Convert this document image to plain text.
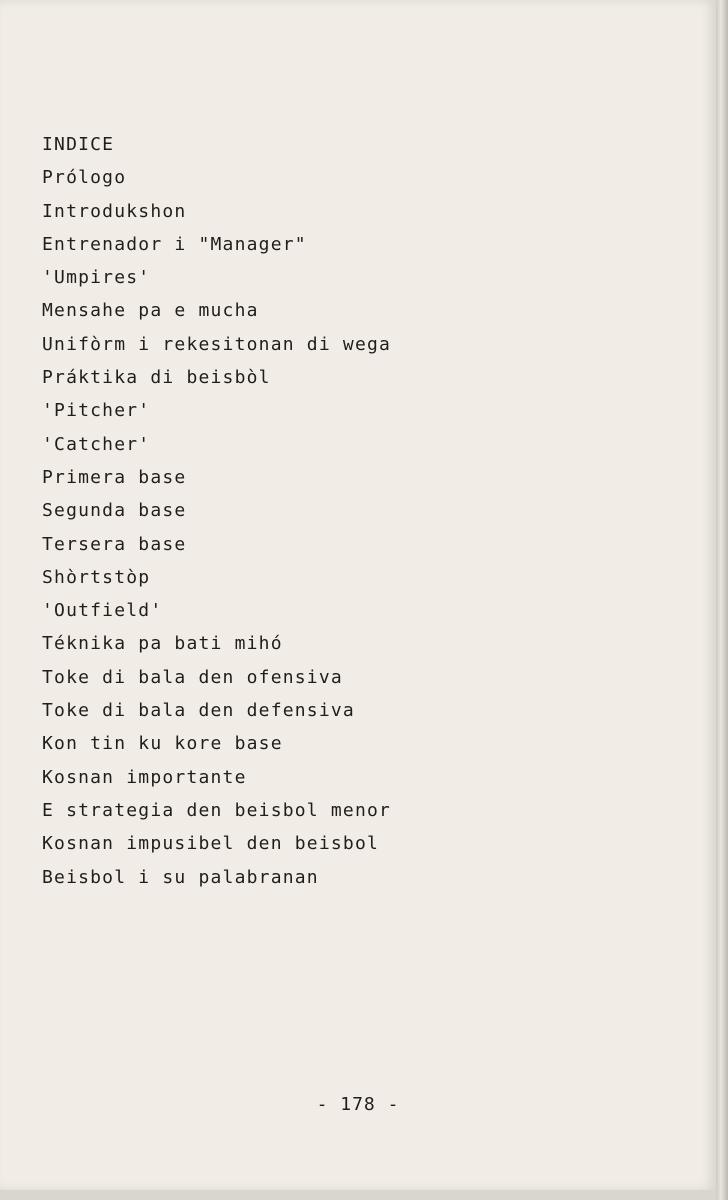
INDICE
Prólogo
Introdukshon
Entrenador i "Manager"
'Umpires'
Mensahe pa e mucha
Unifòrm i rekesitonan di wega
Práktika di beisbòl
'Pitcher'
'Catcher'
Primera base
Segunda base
Tersera base
Shòrtstòp
'Outfield'
Téknika pa bati mihó
Toke di bala den ofensiva
Toke di bala den defensiva
Kon tin ku kore base
Kosnan importante
E strategia den beisbol menor
Kosnan impusibel den beisbol
Beisbol i su palabranan
- 178 -
